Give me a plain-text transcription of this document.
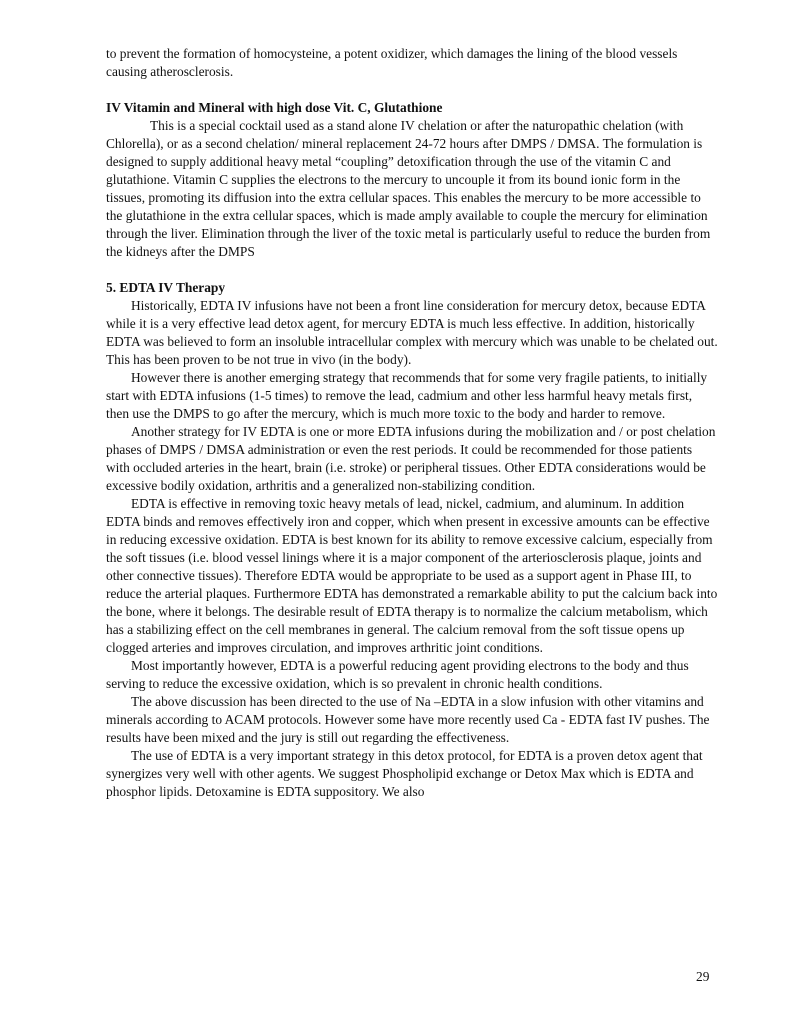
to prevent the formation of homocysteine, a potent oxidizer, which damages the lining of the blood vessels causing atherosclerosis.

IV Vitamin and Mineral with high dose Vit. C, Glutathione

This is a special cocktail used as a stand alone IV chelation or after the naturopathic chelation (with Chlorella), or as a second chelation/ mineral replacement 24-72 hours after DMPS / DMSA. The formulation is designed to supply additional heavy metal “coupling” detoxification through the use of the vitamin C and glutathione. Vitamin C supplies the electrons to the mercury to uncouple it from its bound ionic form in the tissues, promoting its diffusion into the extra cellular spaces. This enables the mercury to be more accessible to the glutathione in the extra cellular spaces, which is made amply available to couple the mercury for elimination through the liver. Elimination through the liver of the toxic metal is particularly useful to reduce the burden from the kidneys after the DMPS

5. EDTA IV Therapy

Historically, EDTA IV infusions have not been a front line consideration for mercury detox, because EDTA while it is a very effective lead detox agent, for mercury EDTA is much less effective. In addition, historically EDTA was believed to form an insoluble intracellular complex with mercury which was unable to be chelated out. This has been proven to be not true in vivo (in the body).

However there is another emerging strategy that recommends that for some very fragile patients, to initially start with EDTA infusions (1-5 times) to remove the lead, cadmium and other less harmful heavy metals first, then use the DMPS to go after the mercury, which is much more toxic to the body and harder to remove.

Another strategy for IV EDTA is one or more EDTA infusions during the mobilization and / or post chelation phases of DMPS / DMSA administration or even the rest periods. It could be recommended for those patients with occluded arteries in the heart, brain (i.e. stroke) or peripheral tissues. Other EDTA considerations would be excessive bodily oxidation, arthritis and a generalized non-stabilizing condition.

EDTA is effective in removing toxic heavy metals of lead, nickel, cadmium, and aluminum. In addition EDTA binds and removes effectively iron and copper, which when present in excessive amounts can be effective in reducing excessive oxidation. EDTA is best known for its ability to remove excessive calcium, especially from the soft tissues (i.e. blood vessel linings where it is a major component of the arteriosclerosis plaque, joints and other connective tissues). Therefore EDTA would be appropriate to be used as a support agent in Phase III, to reduce the arterial plaques. Furthermore EDTA has demonstrated a remarkable ability to put the calcium back into the bone, where it belongs. The desirable result of EDTA therapy is to normalize the calcium metabolism, which has a stabilizing effect on the cell membranes in general. The calcium removal from the soft tissue opens up clogged arteries and improves circulation, and improves arthritic joint conditions.

Most importantly however, EDTA is a powerful reducing agent providing electrons to the body and thus serving to reduce the excessive oxidation, which is so prevalent in chronic health conditions.

The above discussion has been directed to the use of Na –EDTA in a slow infusion with other vitamins and minerals according to ACAM protocols. However some have more recently used Ca - EDTA fast IV pushes. The results have been mixed and the jury is still out regarding the effectiveness.

The use of EDTA is a very important strategy in this detox protocol, for EDTA is a proven detox agent that synergizes very well with other agents. We suggest Phospholipid exchange or Detox Max which is EDTA and phosphor lipids. Detoxamine is EDTA suppository. We also

29
